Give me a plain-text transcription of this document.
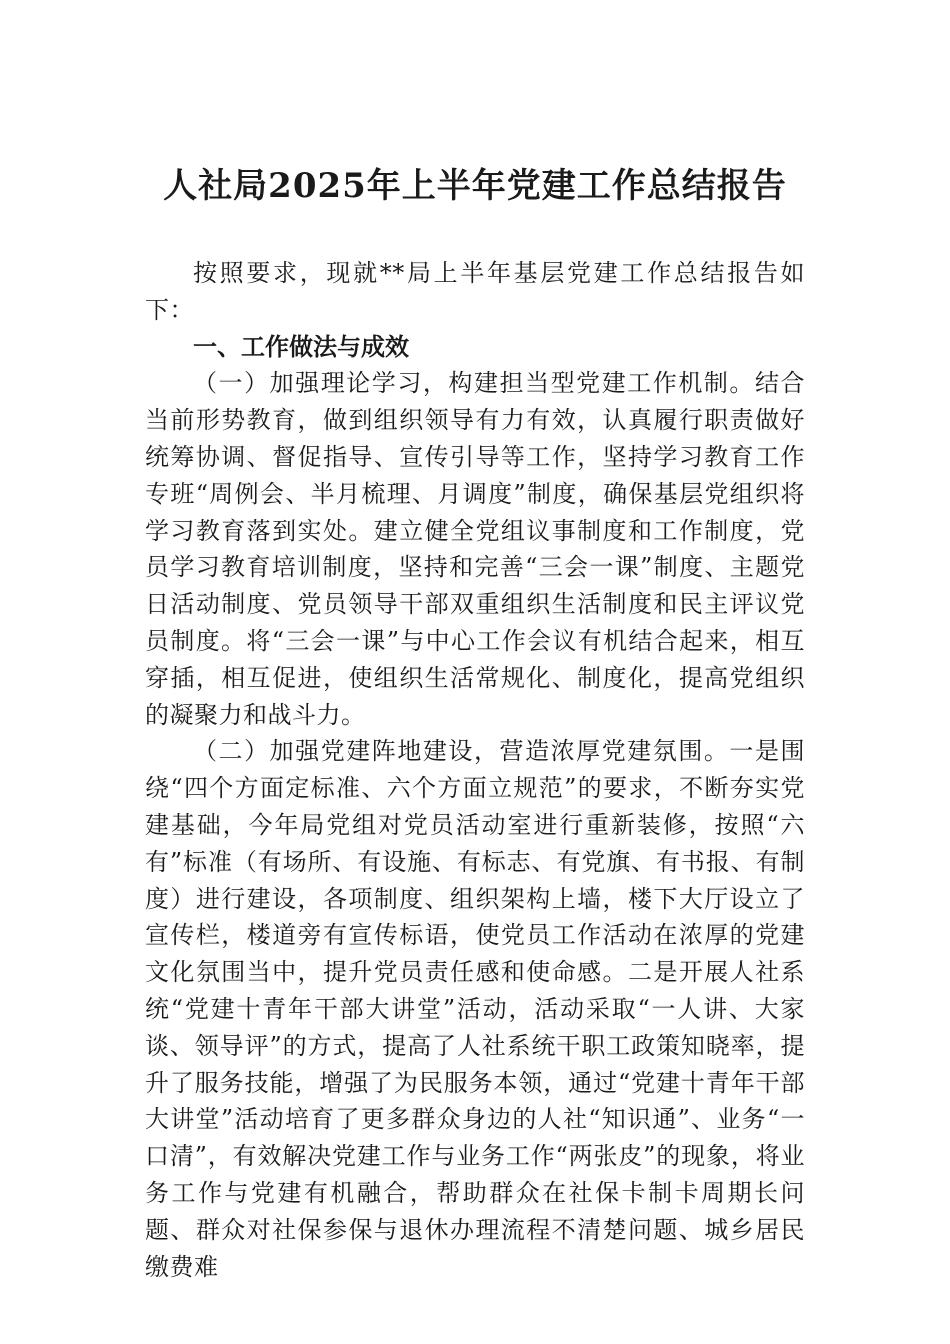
人社局2025年上半年党建工作总结报告

按照要求，现就**局上半年基层党建工作总结报告如下：

一、工作做法与成效

（一）加强理论学习，构建担当型党建工作机制。结合当前形势教育，做到组织领导有力有效，认真履行职责做好统筹协调、督促指导、宣传引导等工作，坚持学习教育工作专班“周例会、半月梳理、月调度”制度，确保基层党组织将学习教育落到实处。建立健全党组议事制度和工作制度，党员学习教育培训制度，坚持和完善“三会一课”制度、主题党日活动制度、党员领导干部双重组织生活制度和民主评议党员制度。将“三会一课”与中心工作会议有机结合起来，相互穿插，相互促进，使组织生活常规化、制度化，提高党组织的凝聚力和战斗力。

（二）加强党建阵地建设，营造浓厚党建氛围。一是围绕“四个方面定标准、六个方面立规范”的要求，不断夯实党建基础，今年局党组对党员活动室进行重新装修，按照“六有”标准（有场所、有设施、有标志、有党旗、有书报、有制度）进行建设，各项制度、组织架构上墙，楼下大厅设立了宣传栏，楼道旁有宣传标语，使党员工作活动在浓厚的党建文化氛围当中，提升党员责任感和使命感。二是开展人社系统“党建十青年干部大讲堂”活动，活动采取“一人讲、大家谈、领导评”的方式，提高了人社系统干职工政策知晓率，提升了服务技能，增强了为民服务本领，通过“党建十青年干部大讲堂”活动培育了更多群众身边的人社“知识通”、业务“一口清”，有效解决党建工作与业务工作“两张皮”的现象，将业务工作与党建有机融合，帮助群众在社保卡制卡周期长问题、群众对社保参保与退休办理流程不清楚问题、城乡居民缴费难
